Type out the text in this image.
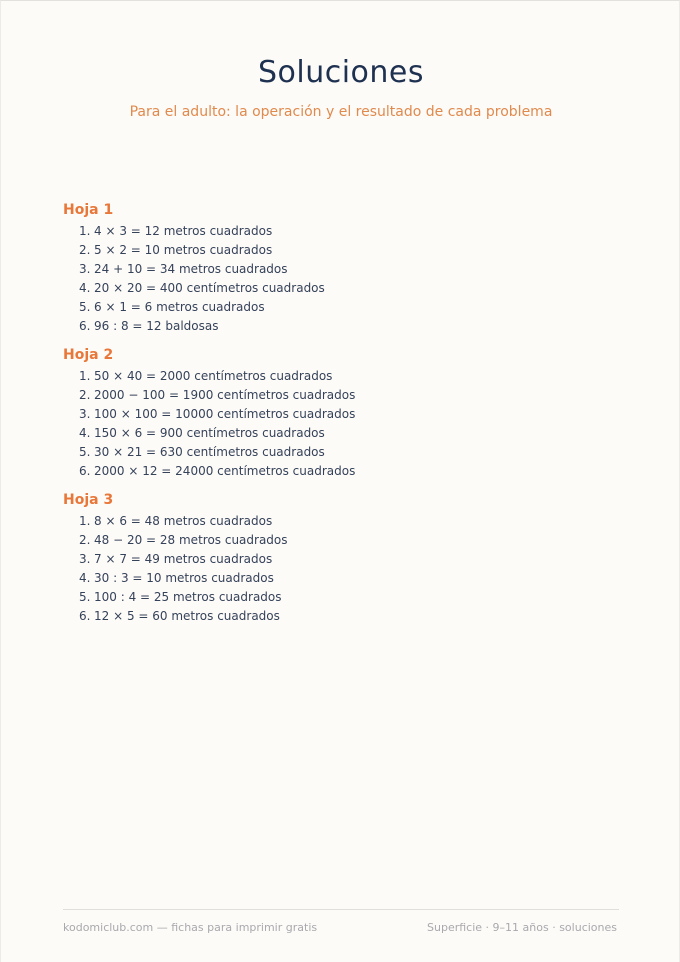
Soluciones

Para el adulto: la operación y el resultado de cada problema

Hoja 1
1. 4 × 3 = 12 metros cuadrados
2. 5 × 2 = 10 metros cuadrados
3. 24 + 10 = 34 metros cuadrados
4. 20 × 20 = 400 centímetros cuadrados
5. 6 × 1 = 6 metros cuadrados
6. 96 : 8 = 12 baldosas
Hoja 2
1. 50 × 40 = 2000 centímetros cuadrados
2. 2000 − 100 = 1900 centímetros cuadrados
3. 100 × 100 = 10000 centímetros cuadrados
4. 150 × 6 = 900 centímetros cuadrados
5. 30 × 21 = 630 centímetros cuadrados
6. 2000 × 12 = 24000 centímetros cuadrados
Hoja 3
1. 8 × 6 = 48 metros cuadrados
2. 48 − 20 = 28 metros cuadrados
3. 7 × 7 = 49 metros cuadrados
4. 30 : 3 = 10 metros cuadrados
5. 100 : 4 = 25 metros cuadrados
6. 12 × 5 = 60 metros cuadrados
kodomiclub.com — fichas para imprimir gratis	Superficie · 9–11 años · soluciones
